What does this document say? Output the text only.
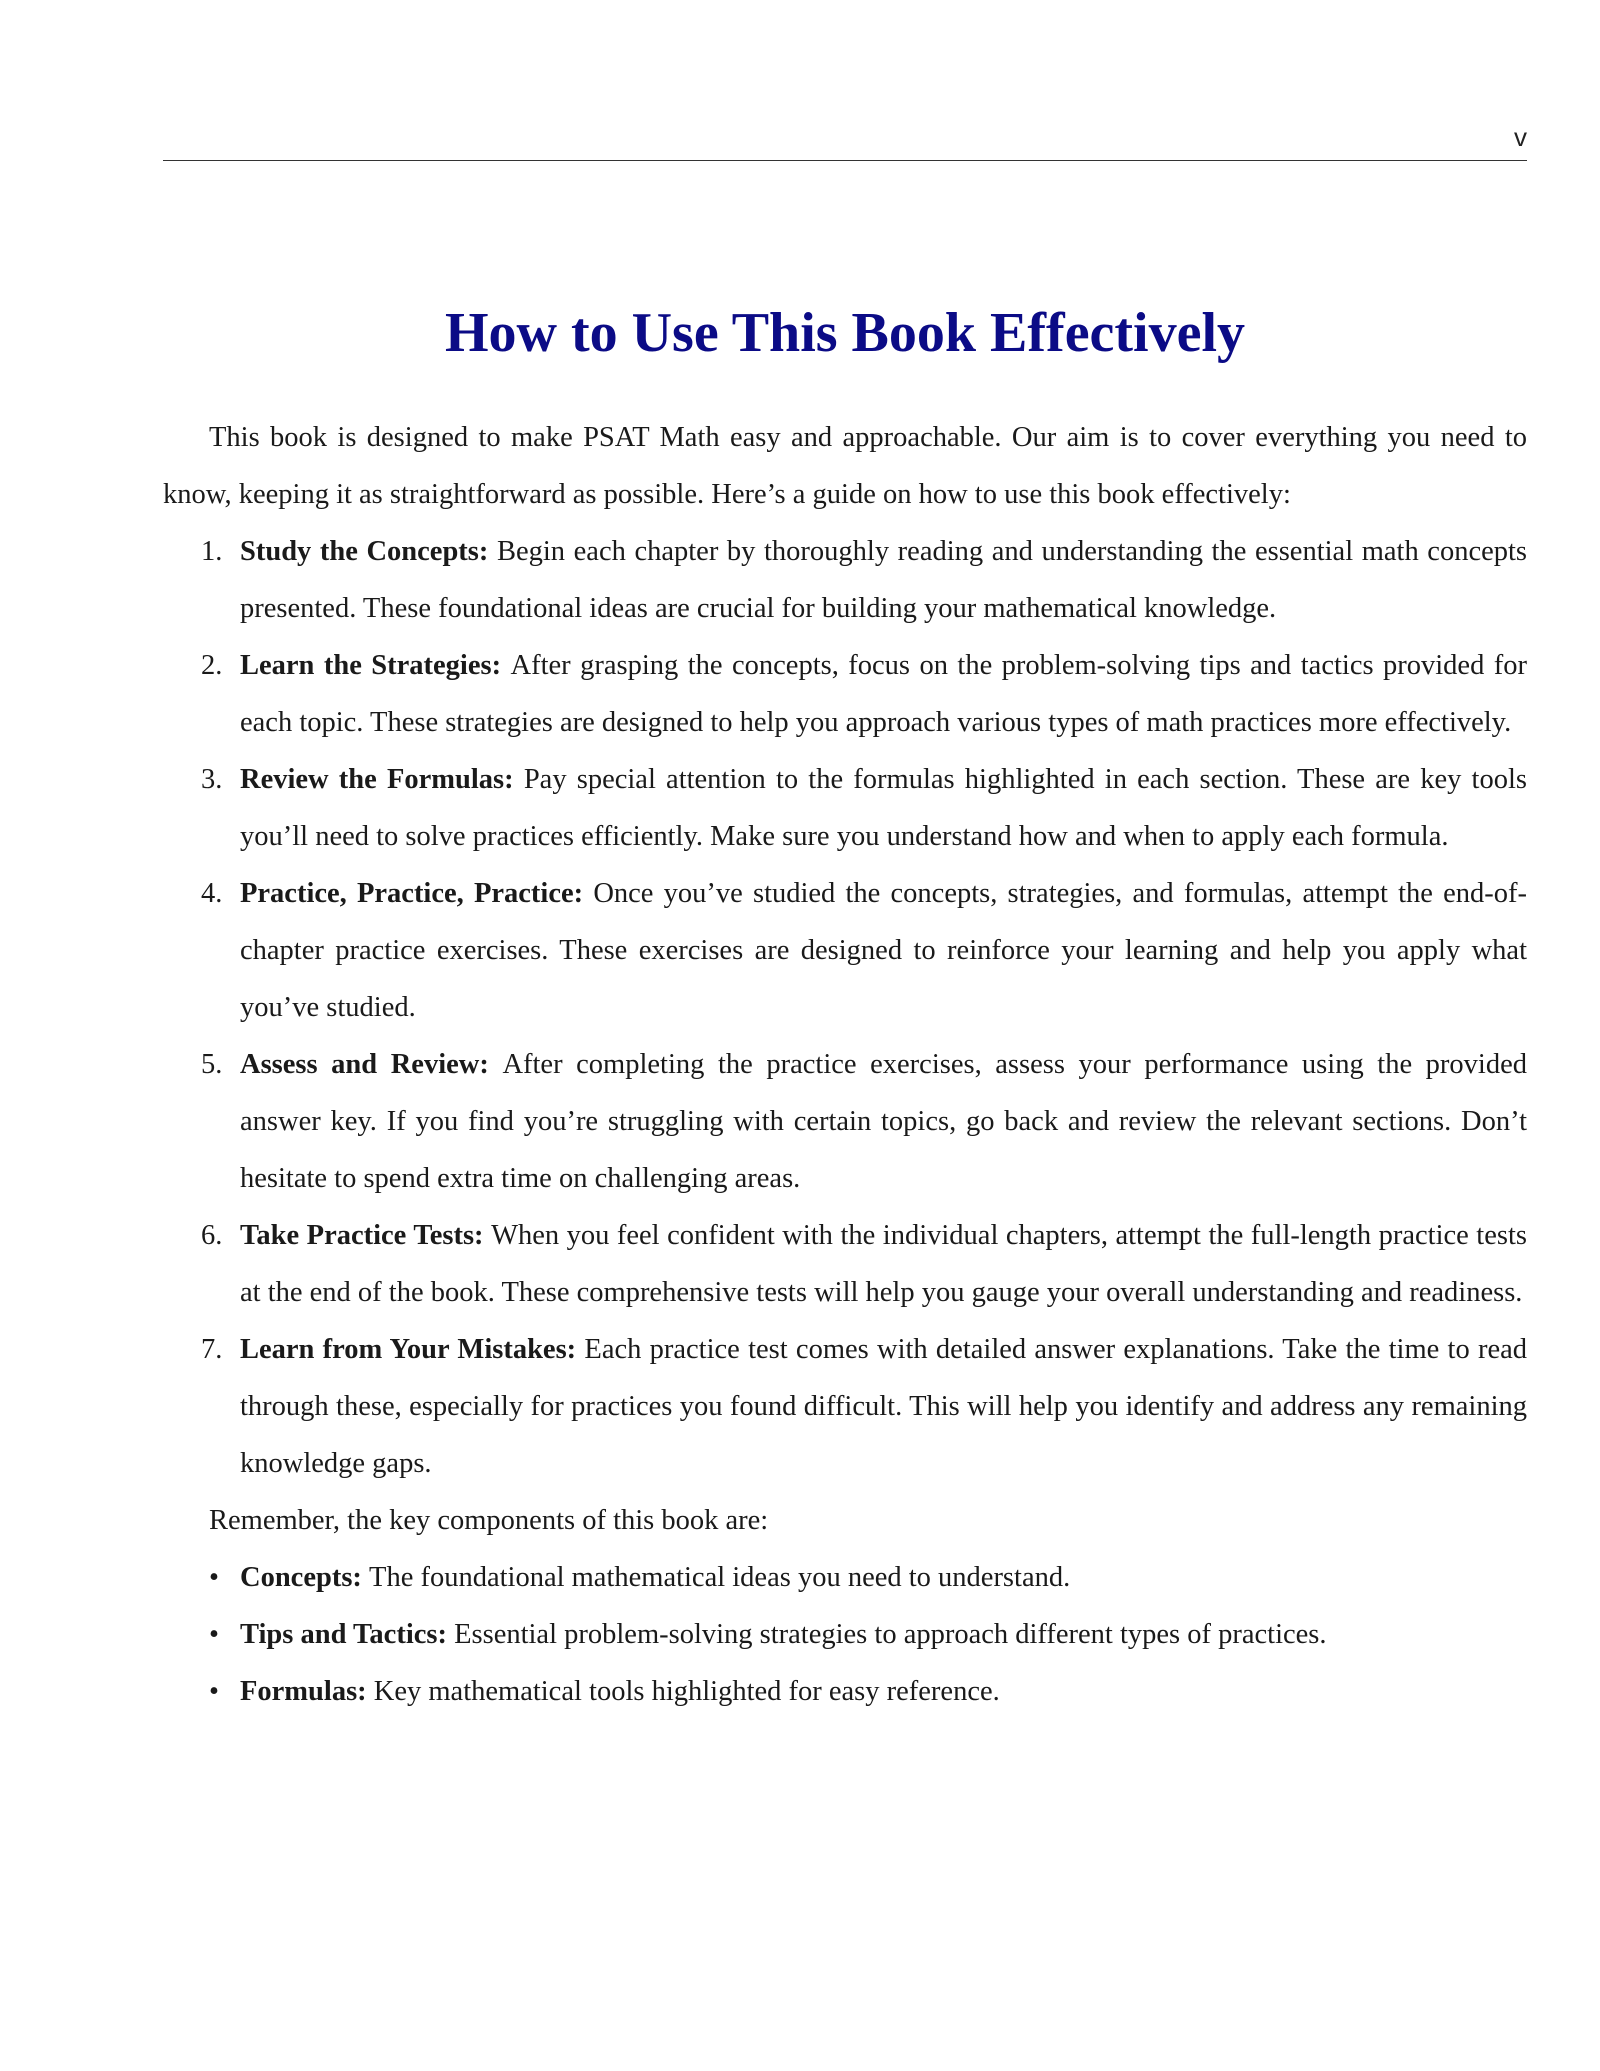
v
How to Use This Book Effectively

This book is designed to make PSAT Math easy and approachable. Our aim is to cover everything you need to know, keeping it as straightforward as possible. Here’s a guide on how to use this book effectively:

1. Study the Concepts: Begin each chapter by thoroughly reading and understanding the essential math concepts presented. These foundational ideas are crucial for building your mathematical knowledge.
2. Learn the Strategies: After grasping the concepts, focus on the problem-solving tips and tactics provided for each topic. These strategies are designed to help you approach various types of math practices more effectively.
3. Review the Formulas: Pay special attention to the formulas highlighted in each section. These are key tools you’ll need to solve practices efficiently. Make sure you understand how and when to apply each formula.
4. Practice, Practice, Practice: Once you’ve studied the concepts, strategies, and formulas, attempt the end-of-chapter practice exercises. These exercises are designed to reinforce your learning and help you apply what you’ve studied.
5. Assess and Review: After completing the practice exercises, assess your performance using the provided answer key. If you find you’re struggling with certain topics, go back and review the relevant sections. Don’t hesitate to spend extra time on challenging areas.
6. Take Practice Tests: When you feel confident with the individual chapters, attempt the full-length practice tests at the end of the book. These comprehensive tests will help you gauge your overall understanding and readiness.
7. Learn from Your Mistakes: Each practice test comes with detailed answer explanations. Take the time to read through these, especially for practices you found difficult. This will help you identify and address any remaining knowledge gaps.

Remember, the key components of this book are:

• Concepts: The foundational mathematical ideas you need to understand.
• Tips and Tactics: Essential problem-solving strategies to approach different types of practices.
• Formulas: Key mathematical tools highlighted for easy reference.
